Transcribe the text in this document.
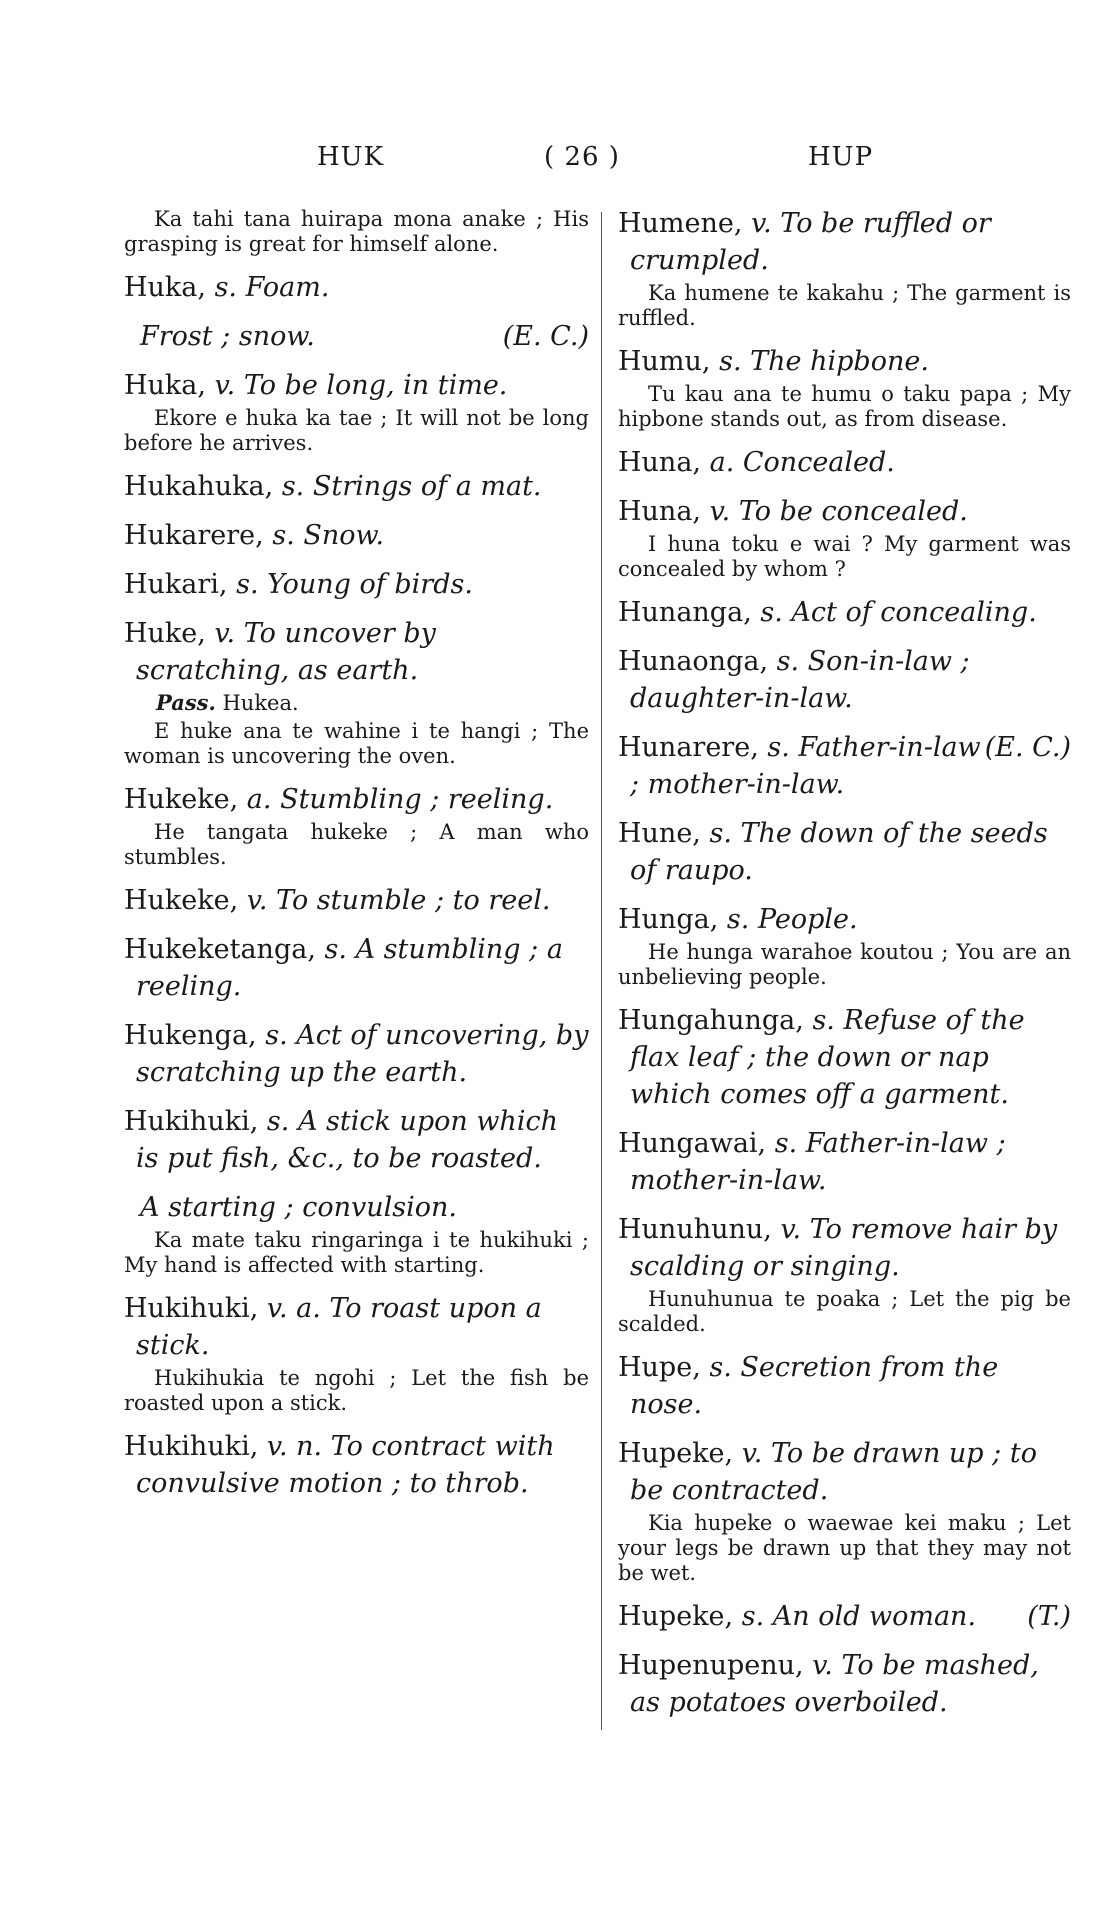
HUK	( 26 )	HUP
Ka tahi tana huirapa mona anake ; His grasping is great for himself alone.
Huka, s. Foam.
(E. C.)
Frost ; snow.
Huka, v. To be long, in time.
Ekore e huka ka tae ; It will not be long before he arrives.
Hukahuka, s. Strings of a mat.
Hukarere, s. Snow.
Hukari, s. Young of birds.
Huke, v. To uncover by scratching, as earth.
Pass. Hukea.
E huke ana te wahine i te hangi ; The woman is uncovering the oven.
Hukeke, a. Stumbling ; reeling.
He tangata hukeke ; A man who stumbles.
Hukeke, v. To stumble ; to reel.
Hukeketanga, s. A stumbling ; a reeling.
Hukenga, s. Act of uncovering, by scratching up the earth.
Hukihuki, s. A stick upon which is put fish, &c., to be roasted.
A starting ; convulsion.
Ka mate taku ringaringa i te hukihuki ; My hand is affected with starting.
Hukihuki, v. a. To roast upon a stick.
Hukihukia te ngohi ; Let the fish be roasted upon a stick.
Hukihuki, v. n. To contract with convulsive motion ; to throb.
Humene, v. To be ruffled or crumpled.
Ka humene te kakahu ; The garment is ruffled.
Humu, s. The hipbone.
Tu kau ana te humu o taku papa ; My hipbone stands out, as from disease.
Huna, a. Concealed.
Huna, v. To be concealed.
I huna toku e wai ? My garment was concealed by whom ?
Hunanga, s. Act of concealing.
Hunaonga, s. Son-in-law ; daughter-in-law.
(E. C.)
Hunarere, s. Father-in-law ; mother-in-law.
Hune, s. The down of the seeds of raupo.
Hunga, s. People.
He hunga warahoe koutou ; You are an unbelieving people.
Hungahunga, s. Refuse of the flax leaf ; the down or nap which comes off a garment.
Hungawai, s. Father-in-law ; mother-in-law.
Hunuhunu, v. To remove hair by scalding or singing.
Hunuhunua te poaka ; Let the pig be scalded.
Hupe, s. Secretion from the nose.
Hupeke, v. To be drawn up ; to be contracted.
Kia hupeke o waewae kei maku ; Let your legs be drawn up that they may not be wet.
(T.)
Hupeke, s. An old woman.
Hupenupenu, v. To be mashed, as potatoes overboiled.
